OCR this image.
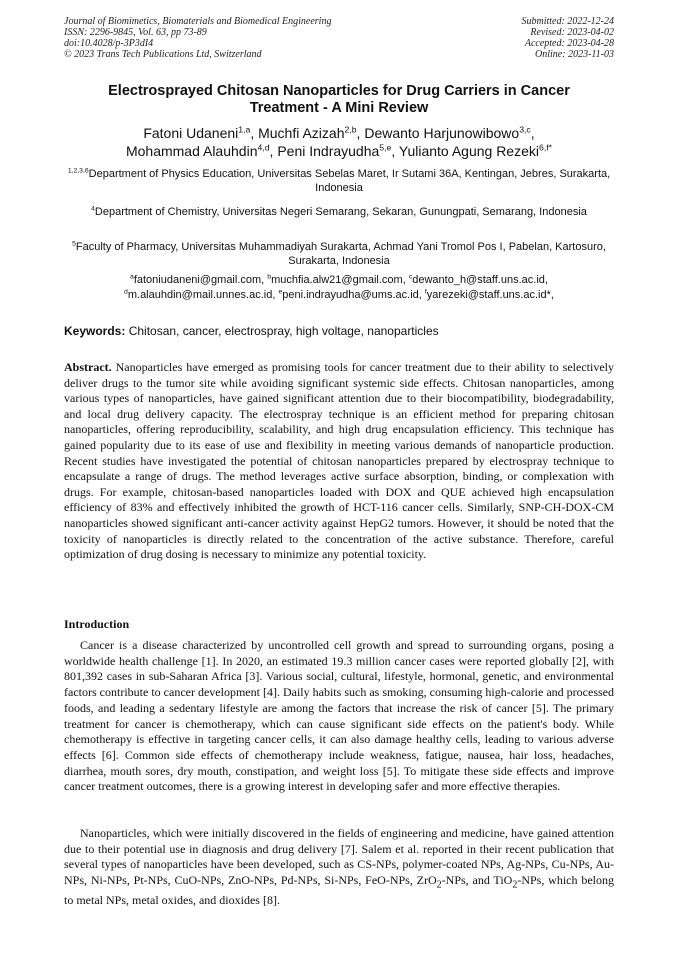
Journal of Biomimetics, Biomaterials and Biomedical Engineering
ISSN: 2296-9845, Vol. 63, pp 73-89
doi:10.4028/p-3P3dI4
© 2023 Trans Tech Publications Ltd, Switzerland
Submitted: 2022-12-24
Revised: 2023-04-02
Accepted: 2023-04-28
Online: 2023-11-03
Electrosprayed Chitosan Nanoparticles for Drug Carriers in Cancer
Treatment - A Mini Review
Fatoni Udaneni$^{1,a}$, Muchfi Azizah$^{2,b}$, Dewanto Harjunowibowo$^{3,c}$,
Mohammad Alauhdin$^{4,d}$, Peni Indrayudha$^{5,e}$, Yulianto Agung Rezeki$^{6,f*}$
$^{1,2,3,6}$Department of Physics Education, Universitas Sebelas Maret, Ir Sutami 36A, Kentingan, Jebres, Surakarta, Indonesia
$^4$Department of Chemistry, Universitas Negeri Semarang, Sekaran, Gunungpati, Semarang, Indonesia
$^5$Faculty of Pharmacy, Universitas Muhammadiyah Surakarta, Achmad Yani Tromol Pos I, Pabelan, Kartosuro, Surakarta, Indonesia
$^a$fatoniudaneni@gmail.com, $^b$muchfia.alw21@gmail.com, $^c$dewanto_h@staff.uns.ac.id,
$^d$m.alauhdin@mail.unnes.ac.id, $^e$peni.indrayudha@ums.ac.id, $^f$yarezeki@staff.uns.ac.id*,
Keywords: Chitosan, cancer, electrospray, high voltage, nanoparticles
Abstract. Nanoparticles have emerged as promising tools for cancer treatment due to their ability to selectively deliver drugs to the tumor site while avoiding significant systemic side effects. Chitosan nanoparticles, among various types of nanoparticles, have gained significant attention due to their biocompatibility, biodegradability, and local drug delivery capacity. The electrospray technique is an efficient method for preparing chitosan nanoparticles, offering reproducibility, scalability, and high drug encapsulation efficiency. This technique has gained popularity due to its ease of use and flexibility in meeting various demands of nanoparticle production. Recent studies have investigated the potential of chitosan nanoparticles prepared by electrospray technique to encapsulate a range of drugs. The method leverages active surface absorption, binding, or complexation with drugs. For example, chitosan-based nanoparticles loaded with DOX and QUE achieved high encapsulation efficiency of 83% and effectively inhibited the growth of HCT-116 cancer cells. Similarly, SNP-CH-DOX-CM nanoparticles showed significant anti-cancer activity against HepG2 tumors. However, it should be noted that the toxicity of nanoparticles is directly related to the concentration of the active substance. Therefore, careful optimization of drug dosing is necessary to minimize any potential toxicity.
Introduction
Cancer is a disease characterized by uncontrolled cell growth and spread to surrounding organs, posing a worldwide health challenge [1]. In 2020, an estimated 19.3 million cancer cases were reported globally [2], with 801,392 cases in sub-Saharan Africa [3]. Various social, cultural, lifestyle, hormonal, genetic, and environmental factors contribute to cancer development [4]. Daily habits such as smoking, consuming high-calorie and processed foods, and leading a sedentary lifestyle are among the factors that increase the risk of cancer [5]. The primary treatment for cancer is chemotherapy, which can cause significant side effects on the patient's body. While chemotherapy is effective in targeting cancer cells, it can also damage healthy cells, leading to various adverse effects [6]. Common side effects of chemotherapy include weakness, fatigue, nausea, hair loss, headaches, diarrhea, mouth sores, dry mouth, constipation, and weight loss [5]. To mitigate these side effects and improve cancer treatment outcomes, there is a growing interest in developing safer and more effective therapies.
Nanoparticles, which were initially discovered in the fields of engineering and medicine, have gained attention due to their potential use in diagnosis and drug delivery [7]. Salem et al. reported in their recent publication that several types of nanoparticles have been developed, such as CS-NPs, polymer-coated NPs, Ag-NPs, Cu-NPs, Au-NPs, Ni-NPs, Pt-NPs, CuO-NPs, ZnO-NPs, Pd-NPs, Si-NPs, FeO-NPs, ZrO$_2$-NPs, and TiO$_2$-NPs, which belong to metal NPs, metal oxides, and dioxides [8].
